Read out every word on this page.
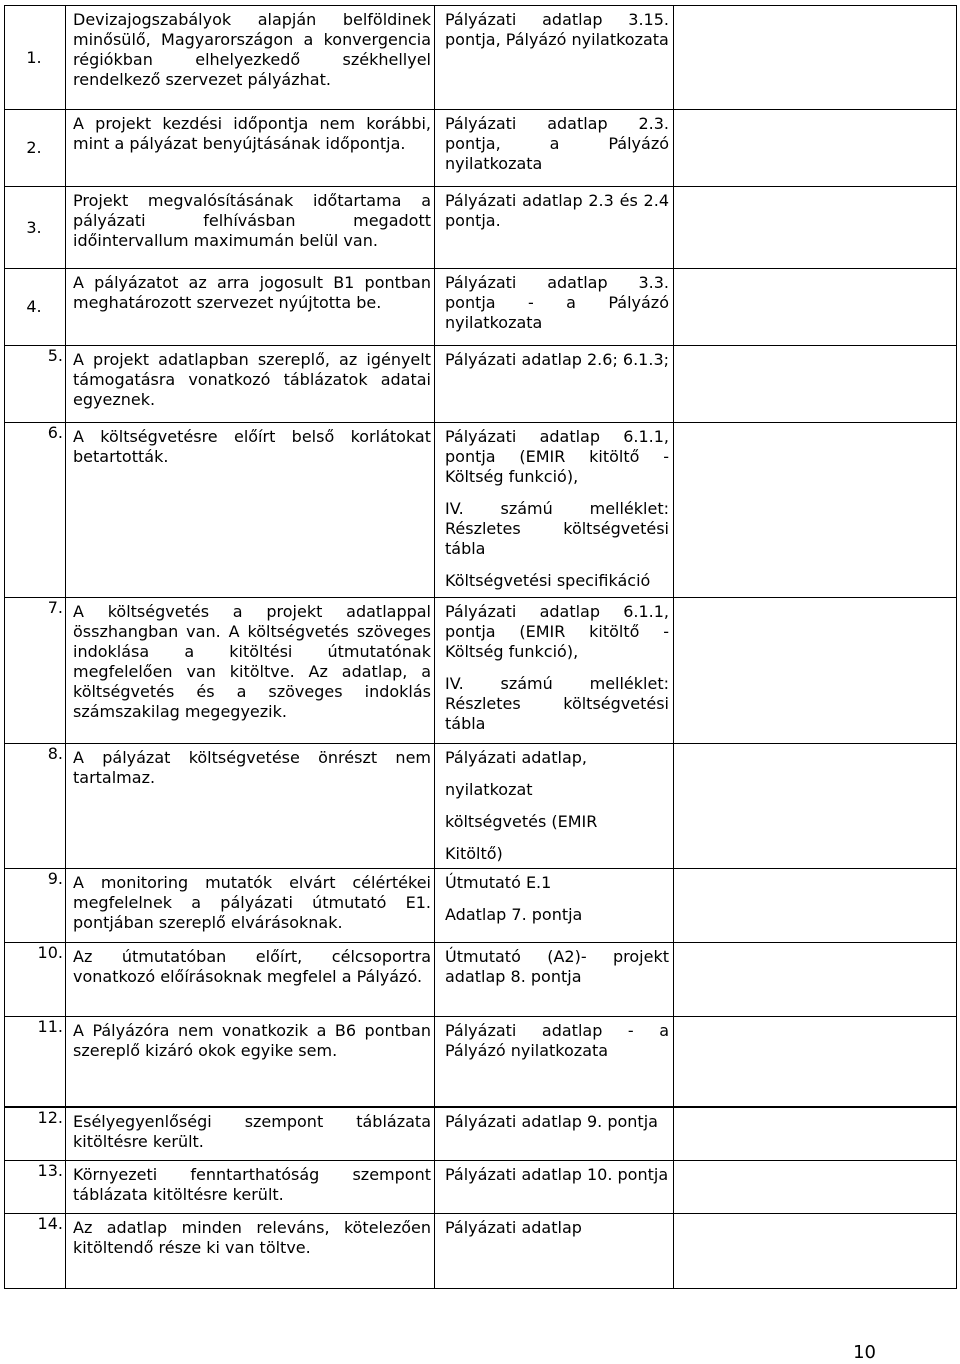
1.	Devizajogszabályok alapján belföldinek minősülő, Magyarországon a konvergencia régiókban elhelyezkedő székhellyel rendelkező szervezet pályázhat.	Pályázati adatlap 3.15. pontja, Pályázó nyilatkozata	

2.	A projekt kezdési időpontja nem korábbi, mint a pályázat benyújtásának időpontja.	Pályázati adatlap 2.3. pontja, a Pályázó nyilatkozata	

3.	Projekt megvalósításának időtartama a pályázati felhívásban megadott időintervallum maximumán belül van.	Pályázati adatlap 2.3 és 2.4 pontja.	

4.	A pályázatot az arra jogosult B1 pontban meghatározott szervezet nyújtotta be.	Pályázati adatlap 3.3. pontja - a Pályázó nyilatkozata	

5.	A projekt adatlapban szereplő, az igényelt támogatásra vonatkozó táblázatok adatai egyeznek.	Pályázati adatlap 2.6; 6.1.3;	

6.	A költségvetésre előírt belső korlátokat betartották.	Pályázati adatlap 6.1.1, pontja (EMIR kitöltő - Költség funkció),

IV. számú melléklet: Részletes költségvetési tábla

Költségvetési specifikáció	

7.	A költségvetés a projekt adatlappal összhangban van. A költségvetés szöveges indoklása a kitöltési útmutatónak megfelelően van kitöltve. Az adatlap, a költségvetés és a szöveges indoklás számszakilag megegyezik.	Pályázati adatlap 6.1.1, pontja (EMIR kitöltő - Költség funkció),

IV. számú melléklet: Részletes költségvetési tábla	

8.	A pályázat költségvetése önrészt nem tartalmaz.	Pályázati adatlap,

nyilatkozat

költségvetés (EMIR

Kitöltő)	

9.	A monitoring mutatók elvárt célértékei megfelelnek a pályázati útmutató E1. pontjában szereplő elvárásoknak.	Útmutató E.1

Adatlap 7. pontja	

10.	Az útmutatóban előírt, célcsoportra vonatkozó előírásoknak megfelel a Pályázó.	Útmutató (A2)- projekt adatlap 8. pontja	

11.	A Pályázóra nem vonatkozik a B6 pontban szereplő kizáró okok egyike sem.	Pályázati adatlap - a Pályázó nyilatkozata	

12.	Esélyegyenlőségi szempont táblázata kitöltésre került.	Pályázati adatlap 9. pontja	

13.	Környezeti fenntarthatóság szempont táblázata kitöltésre került.	Pályázati adatlap 10. pontja	

14.	Az adatlap minden releváns, kötelezően kitöltendő része ki van töltve.	Pályázati adatlap	

10
